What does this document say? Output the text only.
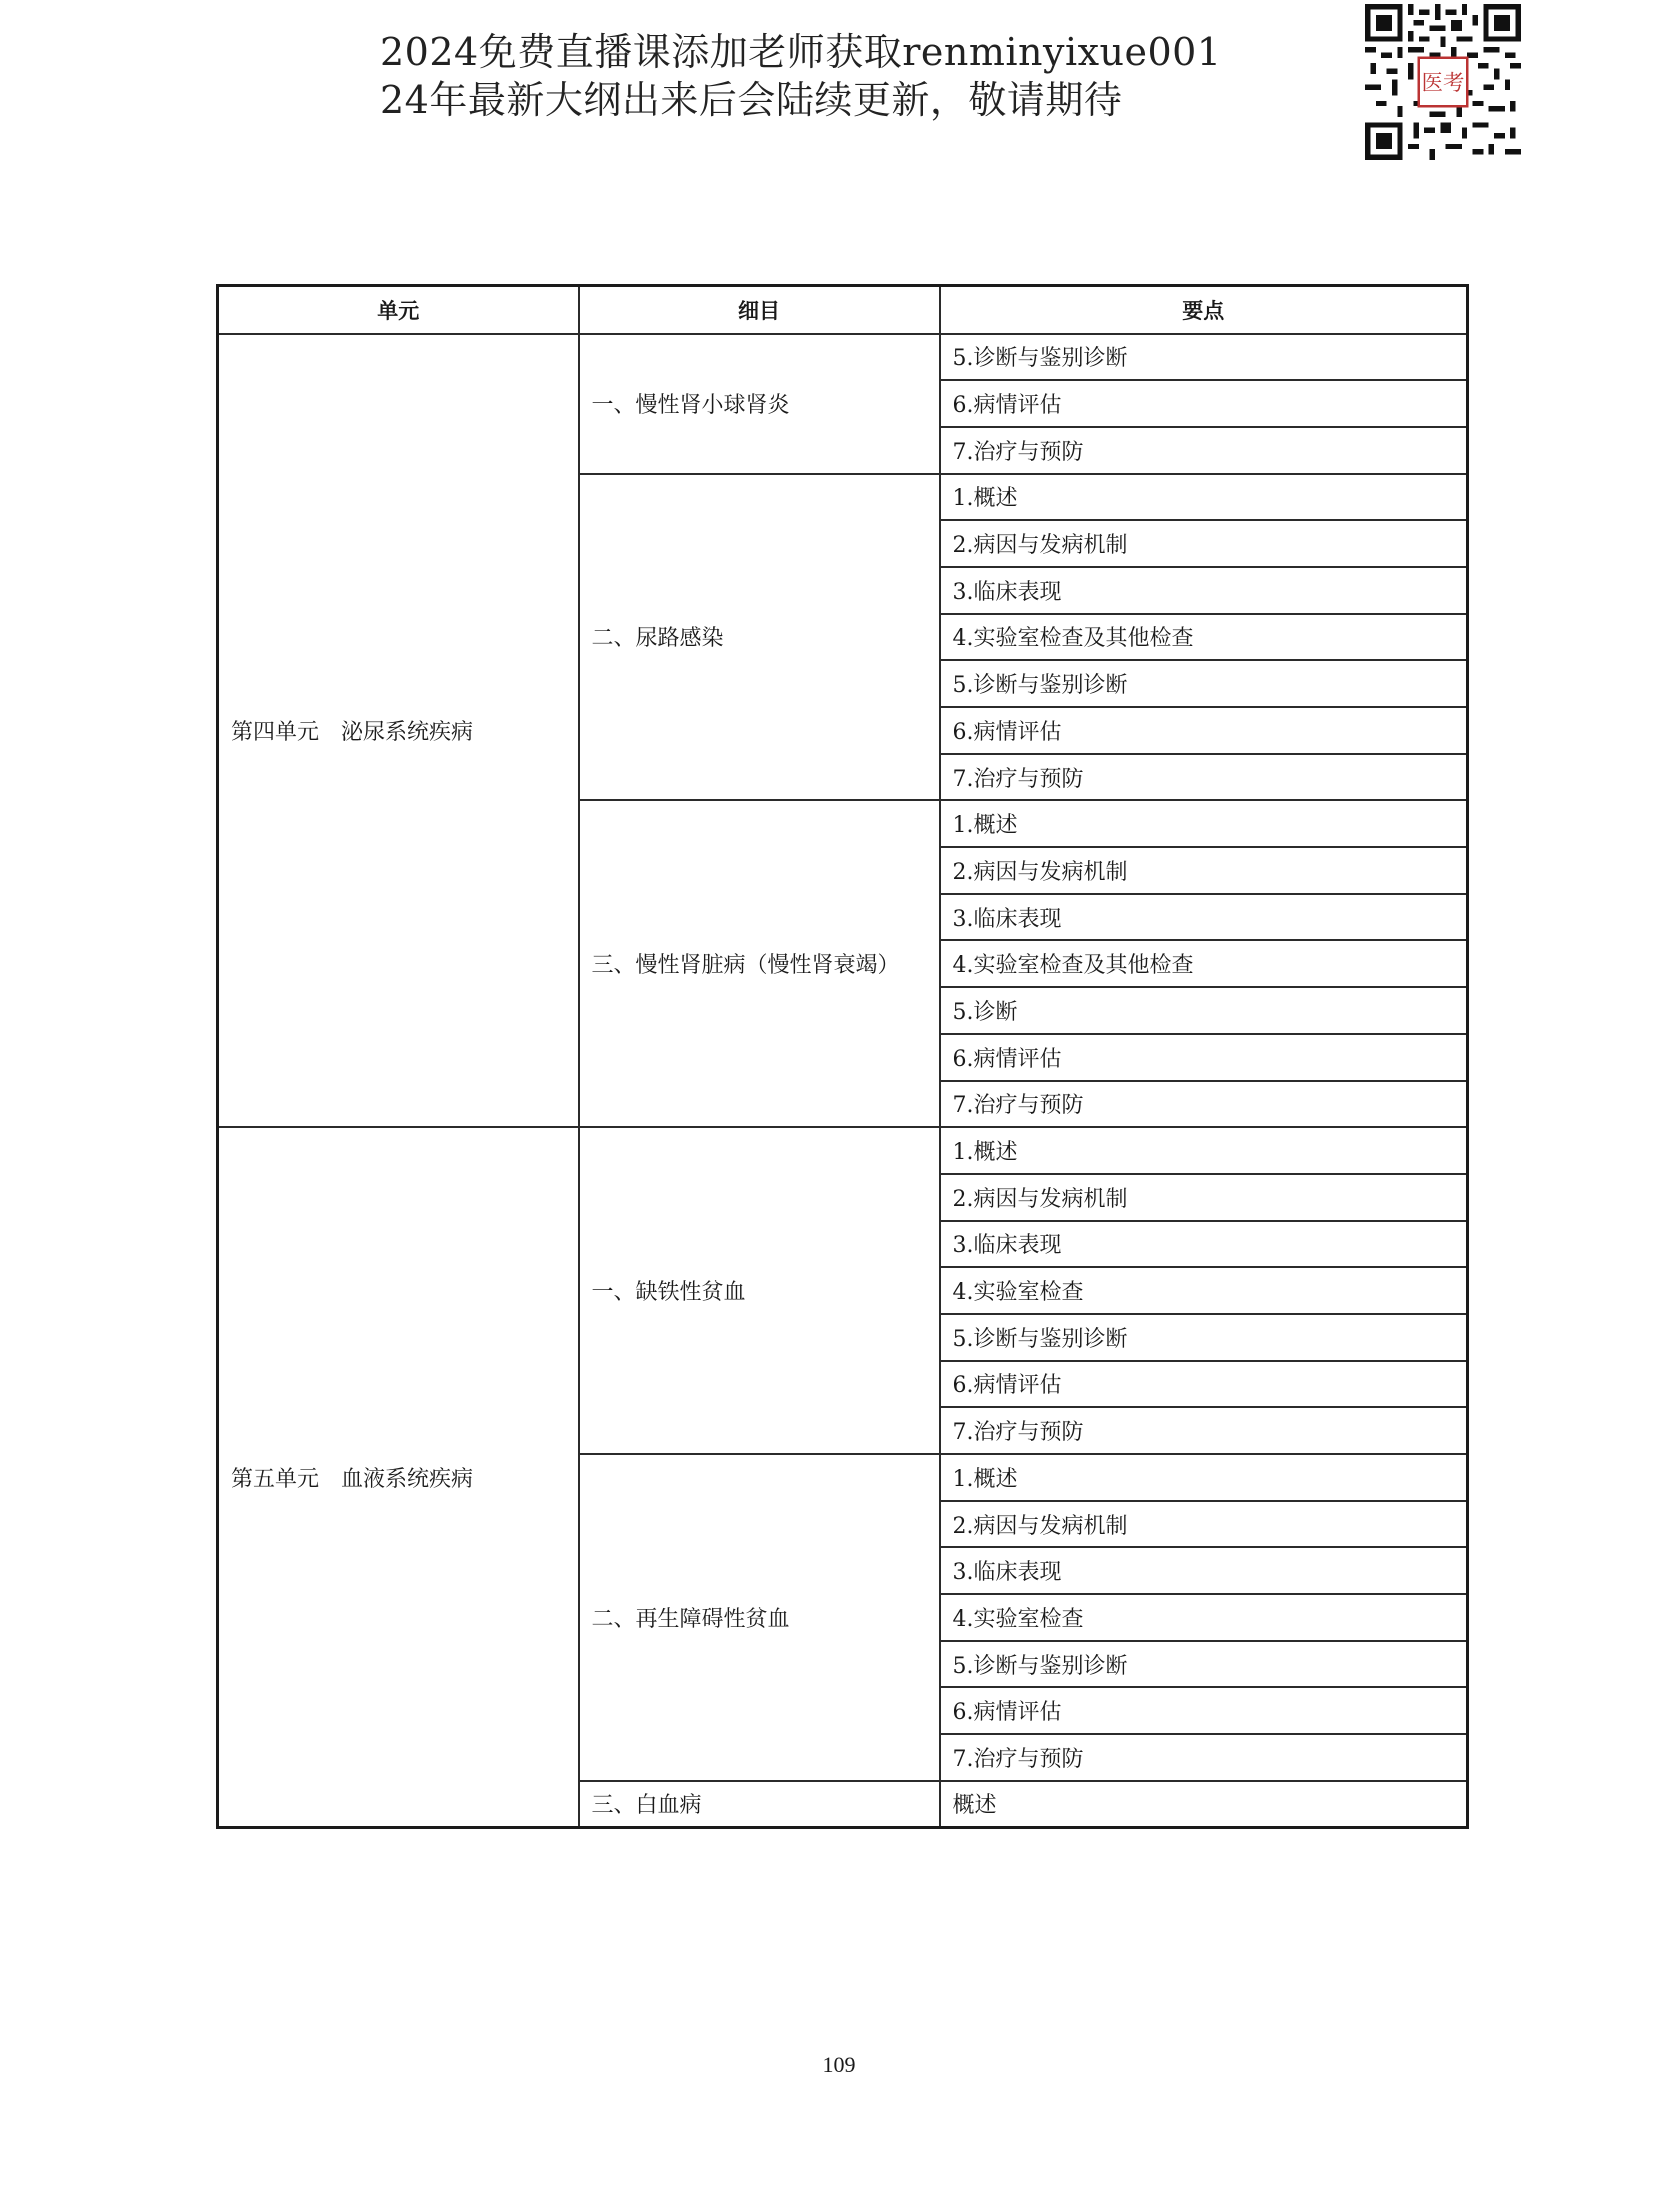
2024免费直播课添加老师获取renminyixue001
24年最新大纲出来后会陆续更新，敬请期待	医考
单元	细目	要点
第四单元　泌尿系统疾病	一、慢性肾小球肾炎	5.诊断与鉴别诊断
		6.病情评估
		7.治疗与预防
	二、尿路感染	1.概述
		2.病因与发病机制
		3.临床表现
		4.实验室检查及其他检查
		5.诊断与鉴别诊断
		6.病情评估
		7.治疗与预防
	三、慢性肾脏病（慢性肾衰竭）	1.概述
		2.病因与发病机制
		3.临床表现
		4.实验室检查及其他检查
		5.诊断
		6.病情评估
		7.治疗与预防
第五单元　血液系统疾病	一、缺铁性贫血	1.概述
		2.病因与发病机制
		3.临床表现
		4.实验室检查
		5.诊断与鉴别诊断
		6.病情评估
		7.治疗与预防
	二、再生障碍性贫血	1.概述
		2.病因与发病机制
		3.临床表现
		4.实验室检查
		5.诊断与鉴别诊断
		6.病情评估
		7.治疗与预防
	三、白血病	概述
109
